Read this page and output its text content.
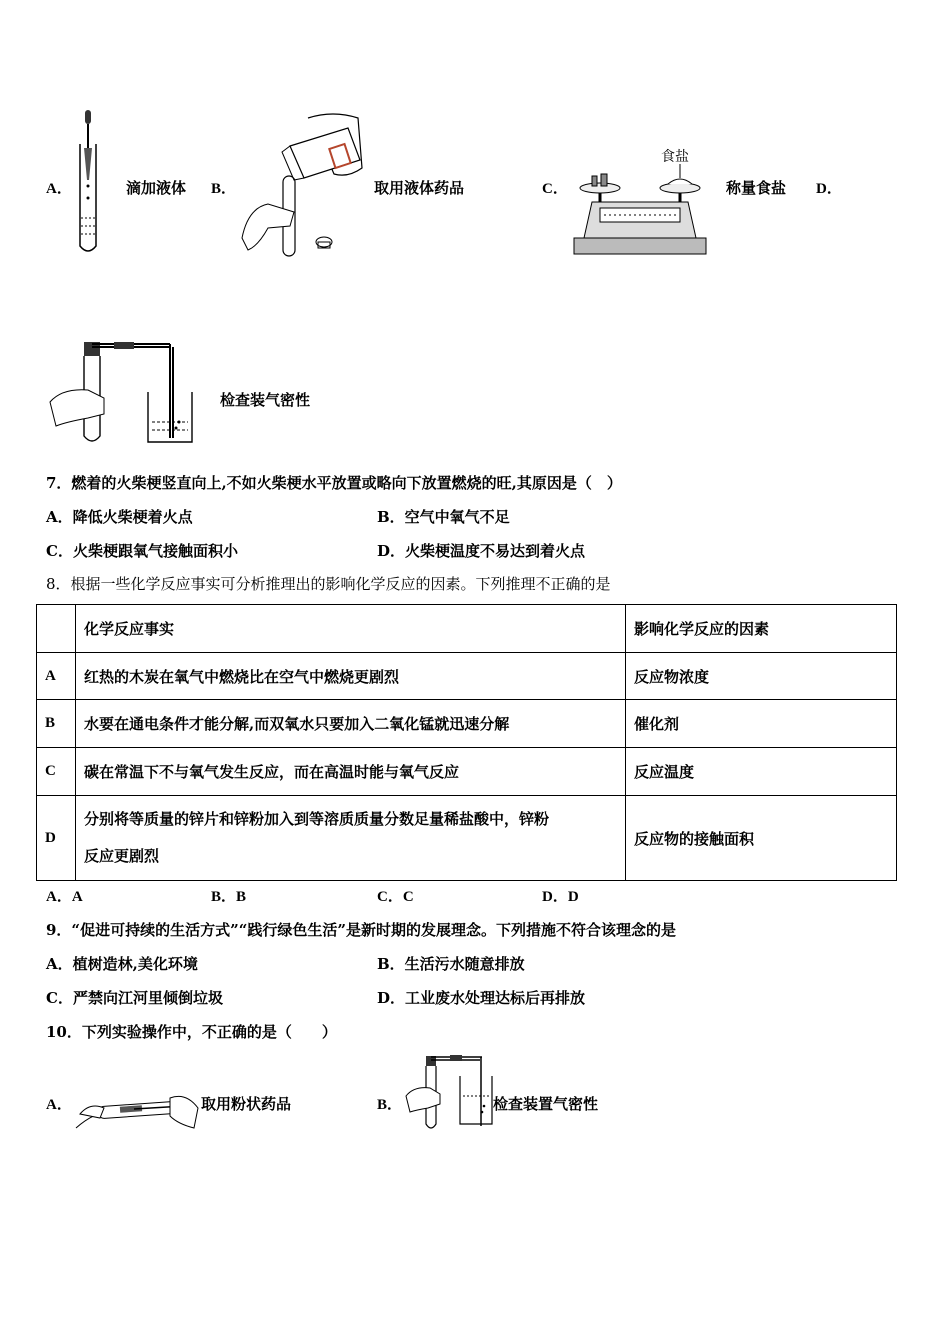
A．	滴加液体 B．	取用液体药品	C．
食盐
称量食盐 D．
检查装气密性
7．燃着的火柴梗竖直向上,不如火柴梗水平放置或略向下放置燃烧的旺,其原因是（　）
A．降低火柴梗着火点	B．空气中氧气不足
C．火柴梗跟氧气接触面积小	D．火柴梗温度不易达到着火点
8．根据一些化学反应事实可分析推理出的影响化学反应的因素。下列推理不正确的是
	化学反应事实	影响化学反应的因素
A	红热的木炭在氧气中燃烧比在空气中燃烧更剧烈	反应物浓度
B	水要在通电条件才能分解,而双氧水只要加入二氧化锰就迅速分解	催化剂
C	碳在常温下不与氧气发生反应，而在高温时能与氧气反应	反应温度
D	分别将等质量的锌片和锌粉加入到等溶质质量分数足量稀盐酸中，锌粉
反应更剧烈	反应物的接触面积
A．A	B．B	C．C	D．D
9．“促进可持续的生活方式”“践行绿色生活”是新时期的发展理念。下列措施不符合该理念的是
A．植树造林,美化环境	B．生活污水随意排放
C．严禁向江河里倾倒垃圾	D．工业废水处理达标后再排放
10．下列实验操作中，不正确的是（　　）
A．	取用粉状药品	B．	检查装置气密性
